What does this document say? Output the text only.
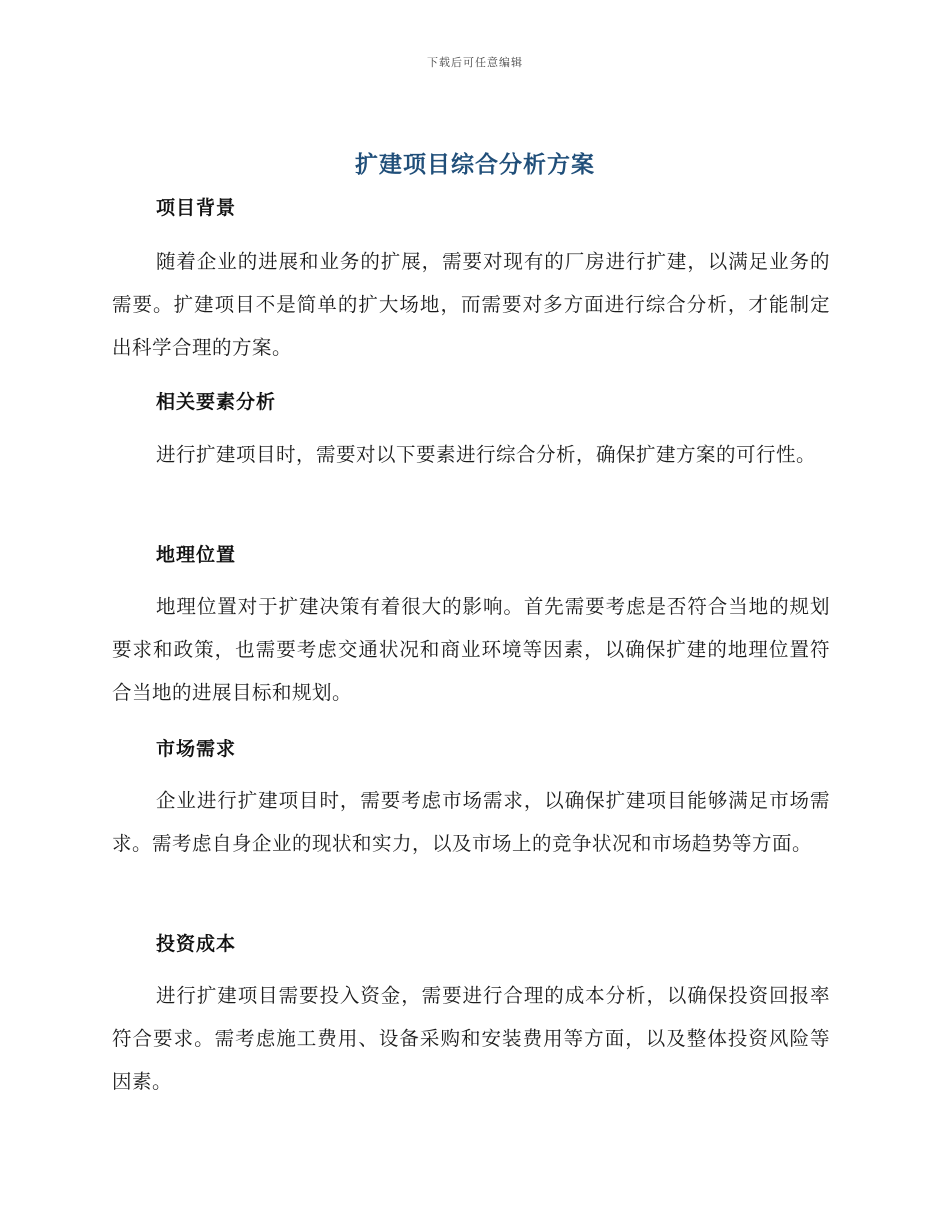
下载后可任意编辑
扩建项目综合分析方案
项目背景
随着企业的进展和业务的扩展，需要对现有的厂房进行扩建，以满足业务的需要。扩建项目不是简单的扩大场地，而需要对多方面进行综合分析，才能制定出科学合理的方案。
相关要素分析
进行扩建项目时，需要对以下要素进行综合分析，确保扩建方案的可行性。
地理位置
地理位置对于扩建决策有着很大的影响。首先需要考虑是否符合当地的规划要求和政策，也需要考虑交通状况和商业环境等因素，以确保扩建的地理位置符合当地的进展目标和规划。
市场需求
企业进行扩建项目时，需要考虑市场需求，以确保扩建项目能够满足市场需求。需考虑自身企业的现状和实力，以及市场上的竞争状况和市场趋势等方面。
投资成本
进行扩建项目需要投入资金，需要进行合理的成本分析，以确保投资回报率符合要求。需考虑施工费用、设备采购和安装费用等方面，以及整体投资风险等因素。
